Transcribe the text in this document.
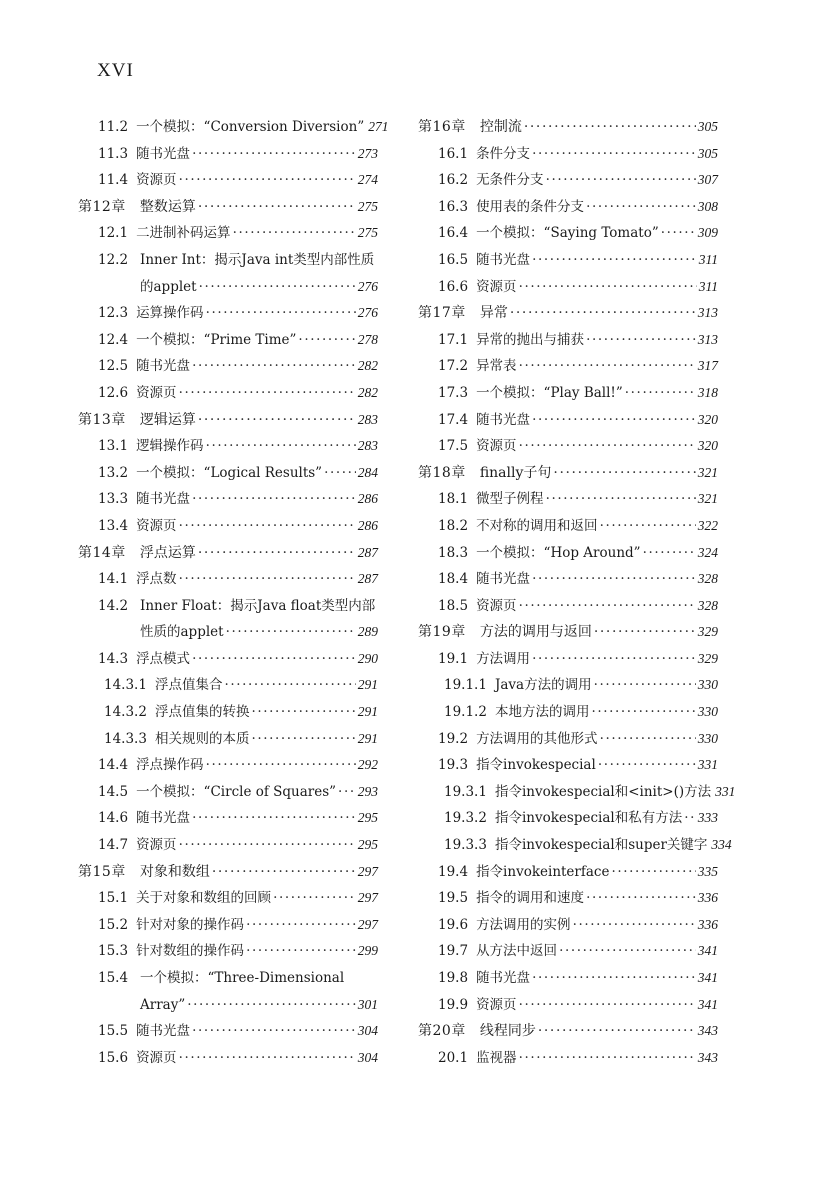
XVI
11.2 一个模拟：“Conversion Diversion” 271
11.3 随书光盘 ·····	273
11.4 资源页 ·····	274
第12章 整数运算 ·····	275
12.1 二进制补码运算 ·····	275
12.2 Inner Int：揭示Java int类型内部性质
的applet ·····	276
12.3 运算操作码 ·····	276
12.4 一个模拟：“Prime Time” ·····	278
12.5 随书光盘 ·····	282
12.6 资源页 ·····	282
第13章 逻辑运算 ·····	283
13.1 逻辑操作码 ·····	283
13.2 一个模拟：“Logical Results” ·····	284
13.3 随书光盘 ·····	286
13.4 资源页 ·····	286
第14章 浮点运算 ·····	287
14.1 浮点数 ·····	287
14.2 Inner Float：揭示Java float类型内部
性质的applet ·····	289
14.3 浮点模式 ·····	290
14.3.1 浮点值集合 ·····	291
14.3.2 浮点值集的转换 ·····	291
14.3.3 相关规则的本质 ·····	291
14.4 浮点操作码 ·····	292
14.5 一个模拟：“Circle of Squares” ····· 293
14.6 随书光盘 ·····	295
14.7 资源页 ·····	295
第15章 对象和数组 ·····	297
15.1 关于对象和数组的回顾 ·····	297
15.2 针对对象的操作码 ·····	297
15.3 针对数组的操作码 ·····	299
15.4 一个模拟：“Three-Dimensional
Array” ·····	301
15.5 随书光盘 ·····	304
15.6 资源页 ·····	304
第16章 控制流 ·····	305
16.1 条件分支 ·····	305
16.2 无条件分支 ·····	307
16.3 使用表的条件分支 ·····	308
16.4 一个模拟：“Saying Tomato” ·····	309
16.5 随书光盘 ·····	311
16.6 资源页 ·····	311
第17章 异常 ·····	313
17.1 异常的抛出与捕获 ·····	313
17.2 异常表 ·····	317
17.3 一个模拟：“Play Ball!” ·····	318
17.4 随书光盘 ·····	320
17.5 资源页 ·····	320
第18章 finally子句 ·····	321
18.1 微型子例程 ·····	321
18.2 不对称的调用和返回 ·····	322
18.3 一个模拟：“Hop Around” ·····	324
18.4 随书光盘 ·····	328
18.5 资源页 ·····	328
第19章 方法的调用与返回 ·····	329
19.1 方法调用 ·····	329
19.1.1 Java方法的调用 ·····	330
19.1.2 本地方法的调用 ·····	330
19.2 方法调用的其他形式 ·····	330
19.3 指令invokespecial ·····	331
19.3.1 指令invokespecial和<init>()方法 331
19.3.2 指令invokespecial和私有方法 ····· 333
19.3.3 指令invokespecial和super关键字 334
19.4 指令invokeinterface ·····	335
19.5 指令的调用和速度 ·····	336
19.6 方法调用的实例 ·····	336
19.7 从方法中返回 ·····	341
19.8 随书光盘 ·····	341
19.9 资源页 ·····	341
第20章 线程同步 ·····	343
20.1 监视器 ·····	343
